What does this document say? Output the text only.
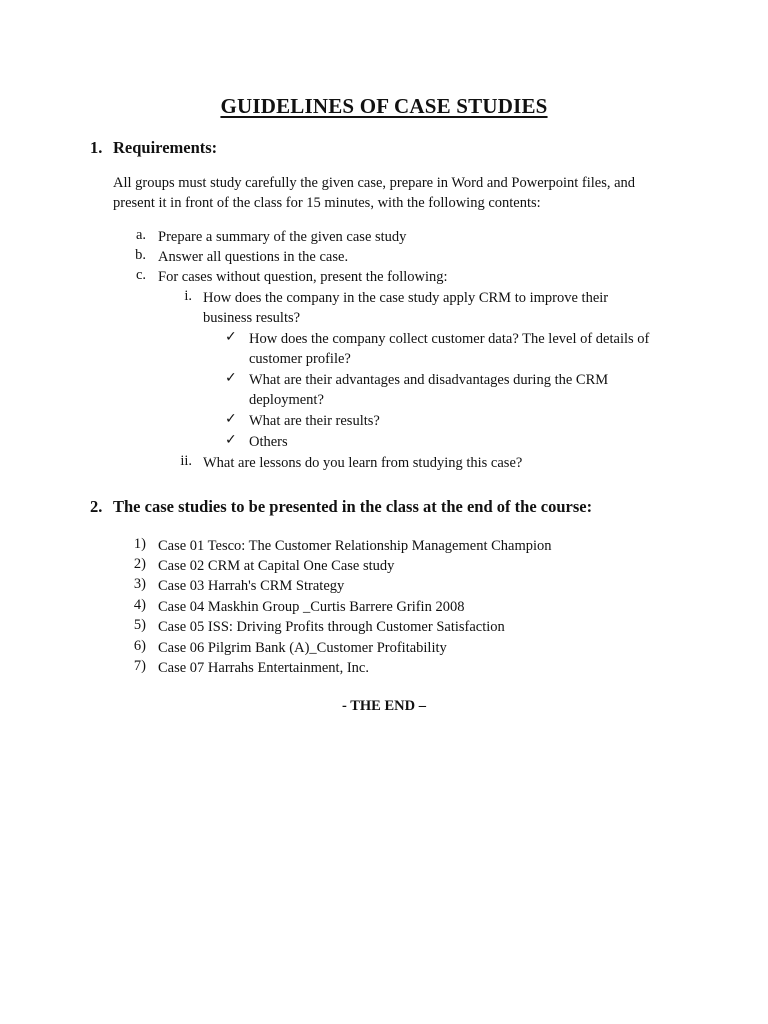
GUIDELINES OF CASE STUDIES
1. Requirements:
All groups must study carefully the given case, prepare in Word and Powerpoint files, and
present it in front of the class for 15 minutes, with the following contents:
a. Prepare a summary of the given case study
b. Answer all questions in the case.
c. For cases without question, present the following:
i. How does the company in the case study apply CRM to improve their
business results?
✓ How does the company collect customer data? The level of details of
customer profile?
✓ What are their advantages and disadvantages during the CRM
deployment?
✓ What are their results?
✓ Others
ii. What are lessons do you learn from studying this case?
2. The case studies to be presented in the class at the end of the course:
1) Case 01 Tesco: The Customer Relationship Management Champion
2) Case 02 CRM at Capital One Case study
3) Case 03 Harrah's CRM Strategy
4) Case 04 Maskhin Group _Curtis Barrere Grifin 2008
5) Case 05 ISS: Driving Profits through Customer Satisfaction
6) Case 06 Pilgrim Bank (A)_Customer Profitability
7) Case 07 Harrahs Entertainment, Inc.
- THE END –
